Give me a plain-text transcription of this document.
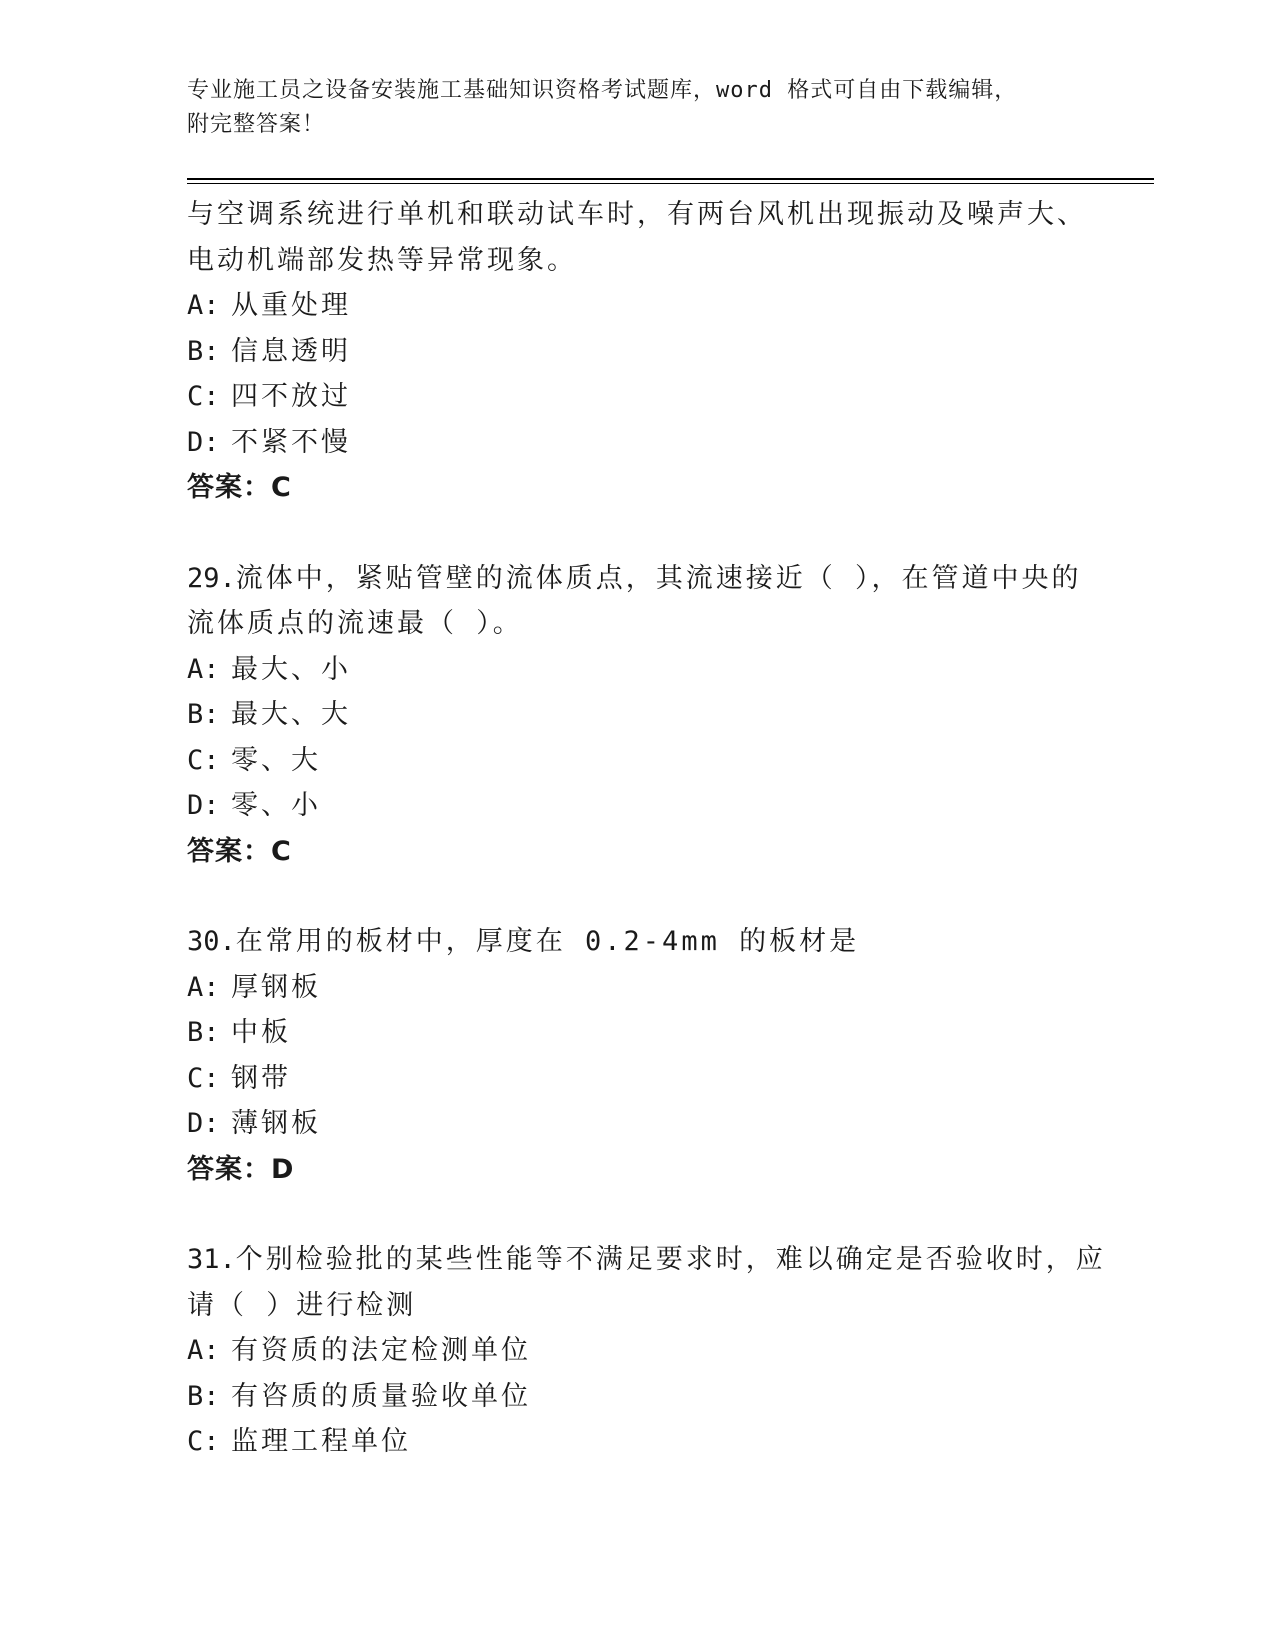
专业施工员之设备安装施工基础知识资格考试题库，word 格式可自由下载编辑，
附完整答案！
与空调系统进行单机和联动试车时，有两台风机出现振动及噪声大、
电动机端部发热等异常现象。
A: 从重处理
B: 信息透明
C: 四不放过
D: 不紧不慢
答案：C
29.流体中，紧贴管壁的流体质点，其流速接近（ ），在管道中央的
流体质点的流速最（ ）。
A: 最大、小
B: 最大、大
C: 零、大
D: 零、小
答案：C
30.在常用的板材中，厚度在 0.2-4mm 的板材是
A: 厚钢板
B: 中板
C: 钢带
D: 薄钢板
答案：D
31.个别检验批的某些性能等不满足要求时，难以确定是否验收时，应
请（ ）进行检测
A: 有资质的法定检测单位
B: 有咨质的质量验收单位
C: 监理工程单位
